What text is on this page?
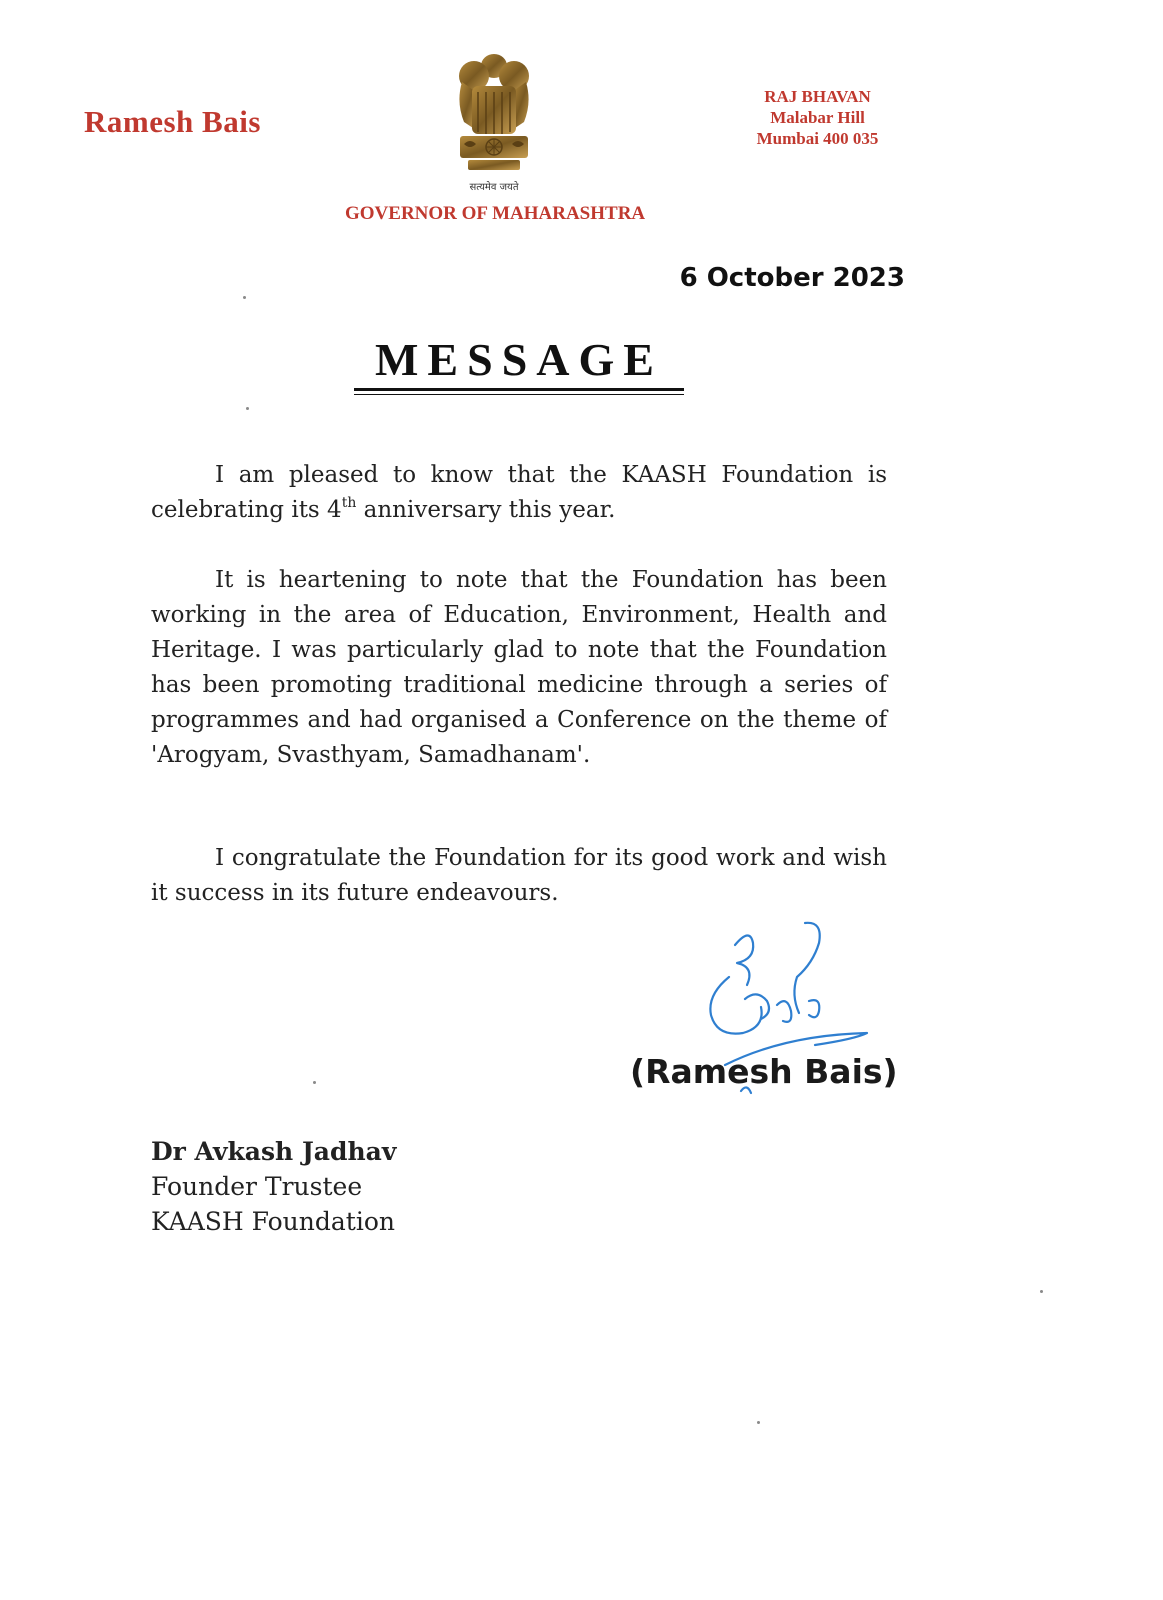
Ramesh Bais
सत्यमेव जयते
RAJ BHAVAN
Malabar Hill
Mumbai 400 035
GOVERNOR OF MAHARASHTRA
6 October 2023
MESSAGE
I am pleased to know that the KAASH Foundation is celebrating its 4th anniversary this year.
It is heartening to note that the Foundation has been working in the area of Education, Environment, Health and Heritage. I was particularly glad to note that the Foundation has been promoting traditional medicine through a series of programmes and had organised a Conference on the theme of 'Arogyam, Svasthyam, Samadhanam'.
I congratulate the Foundation for its good work and wish it success in its future endeavours.
(Ramesh Bais)
Dr Avkash Jadhav
Founder Trustee
KAASH Foundation
